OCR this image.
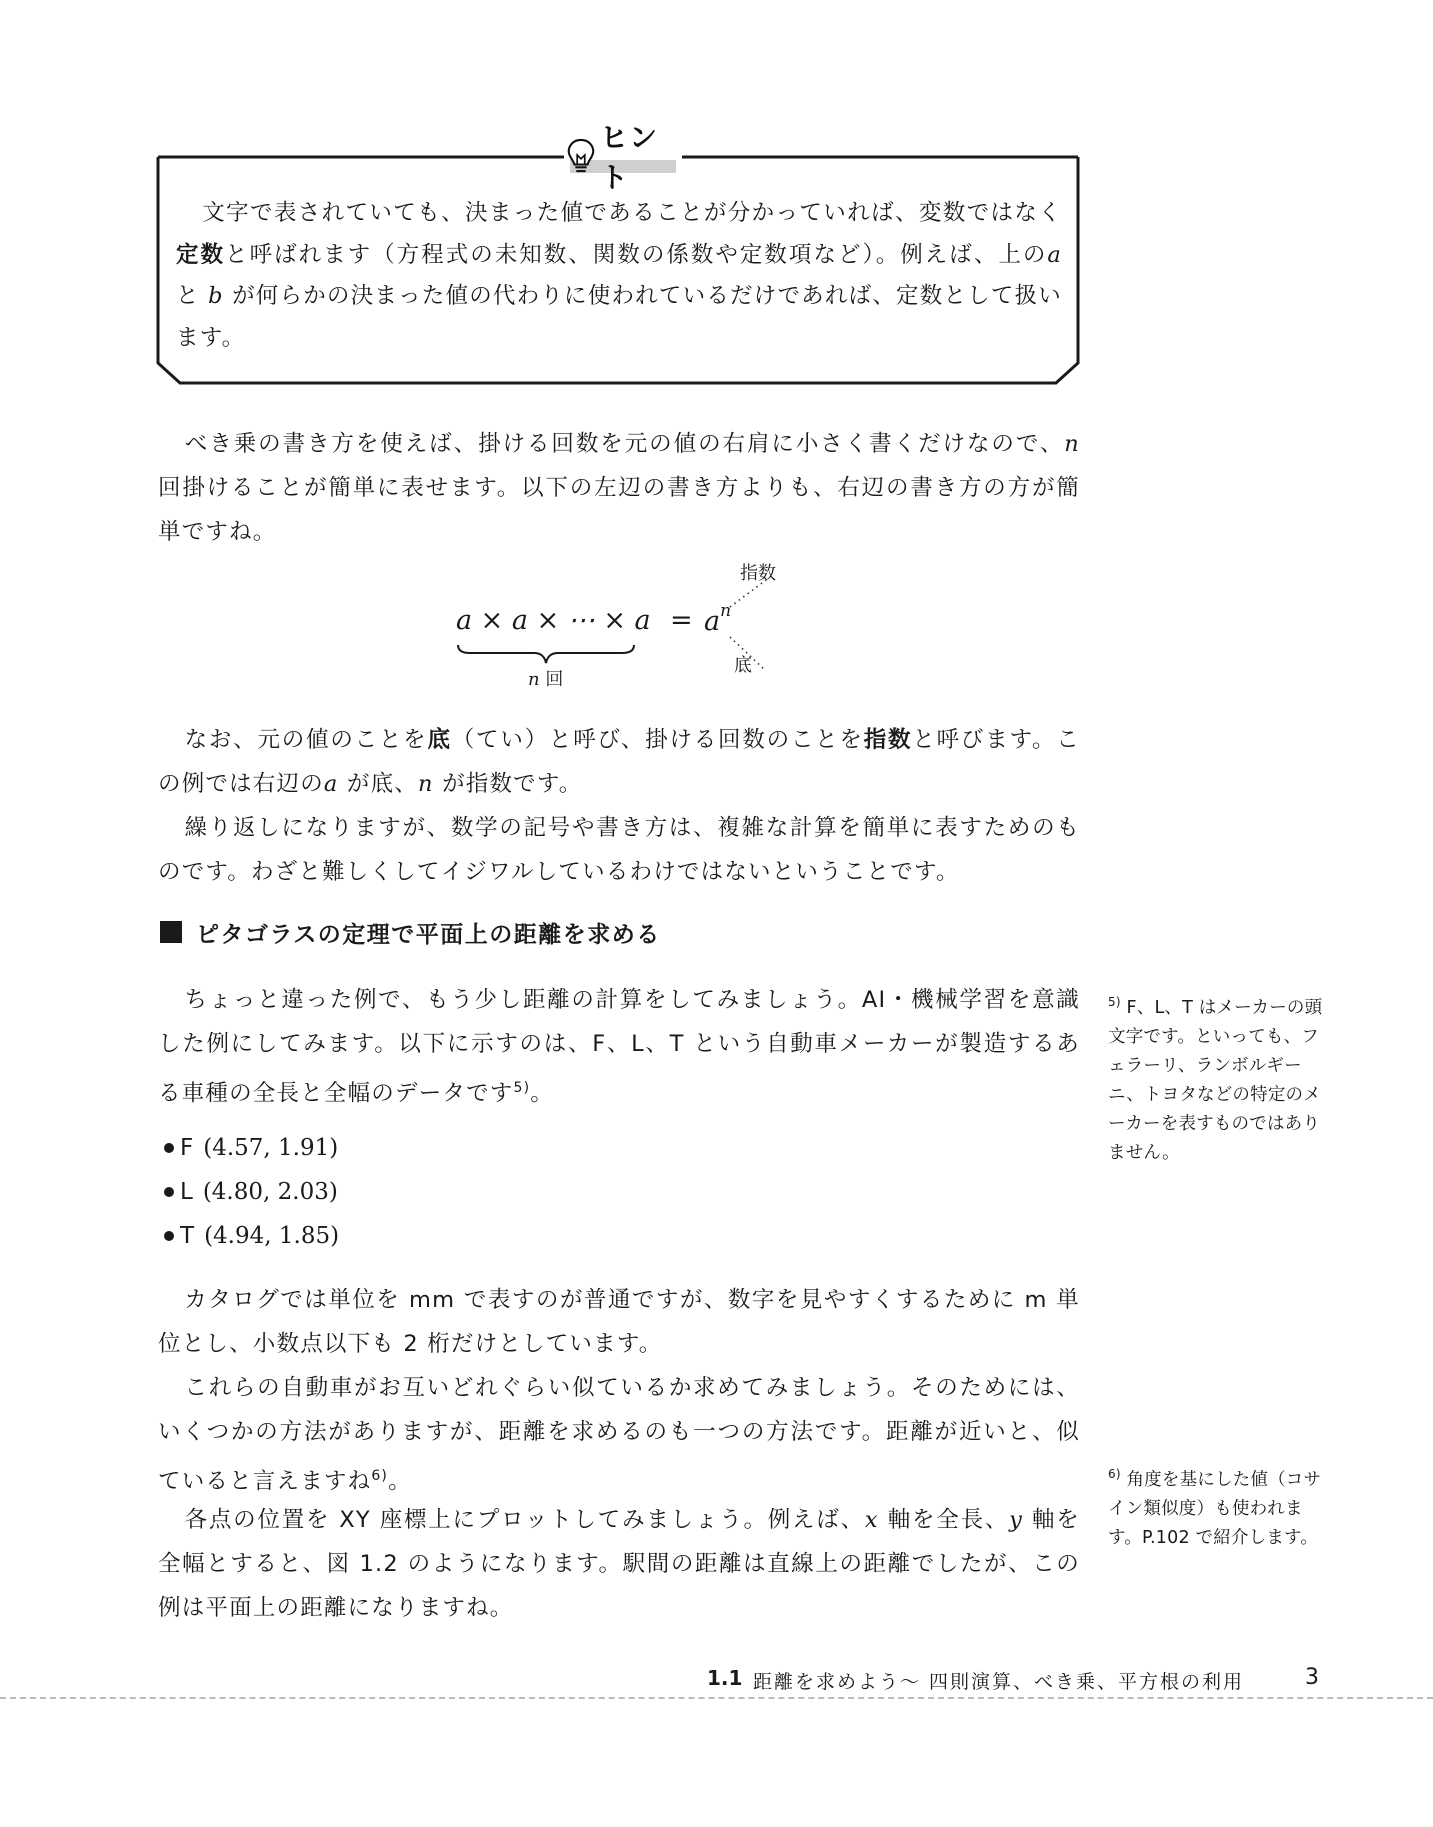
ヒント
文字で表されていても、決まった値であることが分かっていれば、変数ではなく定数と呼ばれます（方程式の未知数、関数の係数や定数項など）。例えば、上のa と b が何らかの決まった値の代わりに使われているだけであれば、定数として扱います。
べき乗の書き方を使えば、掛ける回数を元の値の右肩に小さく書くだけなので、n 回掛けることが簡単に表せます。以下の左辺の書き方よりも、右辺の書き方の方が簡単ですね。
指数
a × a × ⋯ × $a = a^n$
n 回
底
なお、元の値のことを底（てい）と呼び、掛ける回数のことを指数と呼びます。この例では右辺のa が底、n が指数です。
繰り返しになりますが、数学の記号や書き方は、複雑な計算を簡単に表すためのものです。わざと難しくしてイジワルしているわけではないということです。
ピタゴラスの定理で平面上の距離を求める
ちょっと違った例で、もう少し距離の計算をしてみましょう。AI・機械学習を意識した例にしてみます。以下に示すのは、F、L、T という自動車メーカーが製造するある車種の全長と全幅のデータです$^{5)}$。
F (4.57, 1.91)
L (4.80, 2.03)
T (4.94, 1.85)
カタログでは単位を mm で表すのが普通ですが、数字を見やすくするために m 単位とし、小数点以下も 2 桁だけとしています。
これらの自動車がお互いどれぐらい似ているか求めてみましょう。そのためには、いくつかの方法がありますが、距離を求めるのも一つの方法です。距離が近いと、似ていると言えますね$^{6)}$。
各点の位置を XY 座標上にプロットしてみましょう。例えば、x 軸を全長、y 軸を全幅とすると、図 1.2 のようになります。駅間の距離は直線上の距離でしたが、この例は平面上の距離になりますね。
$^{5)}$ F、L、T はメーカーの頭文字です。といっても、フェラーリ、ランボルギーニ、トヨタなどの特定のメーカーを表すものではありません。
$^{6)}$ 角度を基にした値（コサイン類似度）も使われます。P.102 で紹介します。
1.1 距離を求めよう～ 四則演算、べき乗、平方根の利用	3
